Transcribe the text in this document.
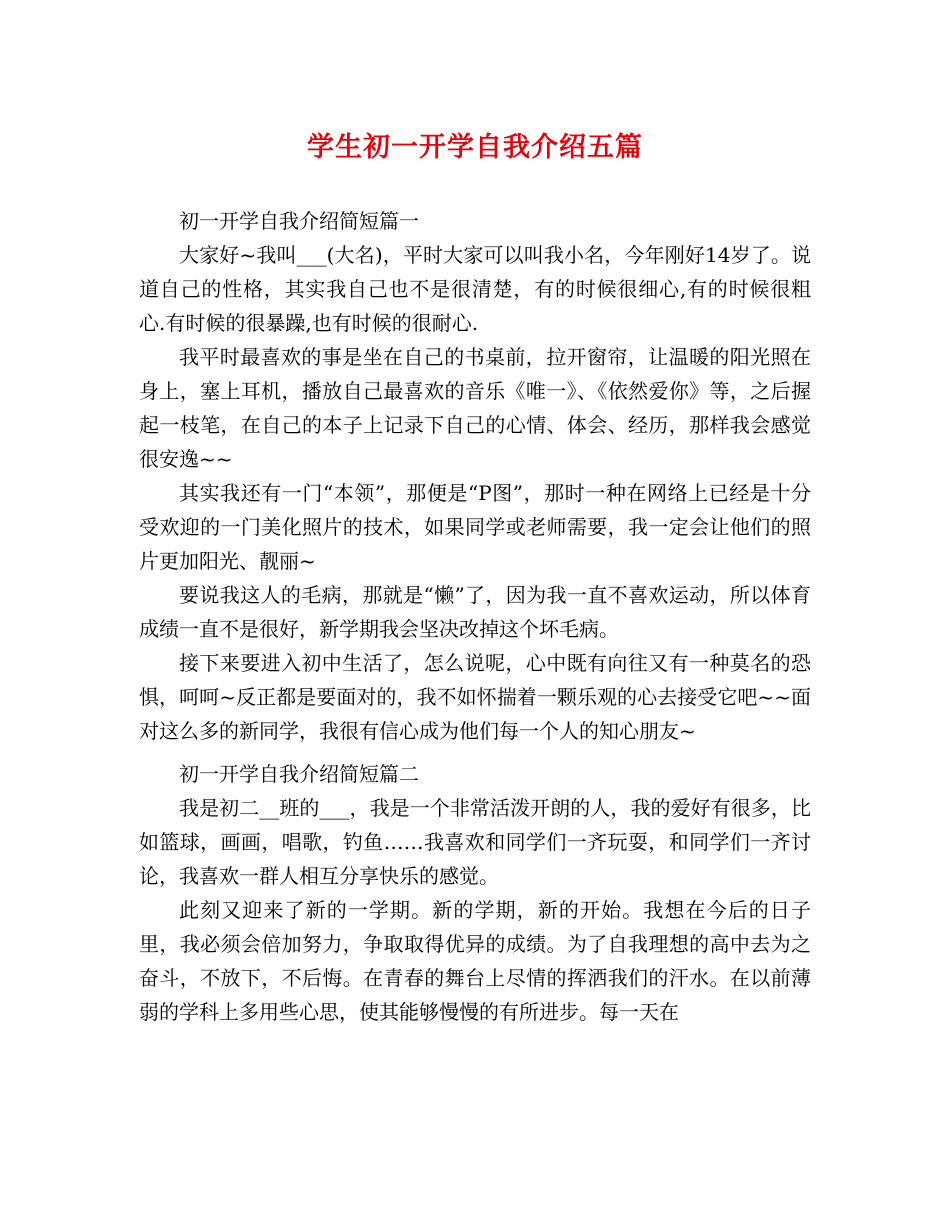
学生初一开学自我介绍五篇

初一开学自我介绍简短篇一

大家好~我叫___(大名)，平时大家可以叫我小名，今年刚好14岁了。说道自己的性格，其实我自己也不是很清楚，有的时候很细心,有的时候很粗心.有时候的很暴躁,也有时候的很耐心.

我平时最喜欢的事是坐在自己的书桌前，拉开窗帘，让温暖的阳光照在身上，塞上耳机，播放自己最喜欢的音乐《唯一》、《依然爱你》等，之后握起一枝笔，在自己的本子上记录下自己的心情、体会、经历，那样我会感觉很安逸~~

其实我还有一门“本领”，那便是“P图”，那时一种在网络上已经是十分受欢迎的一门美化照片的技术，如果同学或老师需要，我一定会让他们的照片更加阳光、靓丽~

要说我这人的毛病，那就是“懒”了，因为我一直不喜欢运动，所以体育成绩一直不是很好，新学期我会坚决改掉这个坏毛病。

接下来要进入初中生活了，怎么说呢，心中既有向往又有一种莫名的恐惧，呵呵~反正都是要面对的，我不如怀揣着一颗乐观的心去接受它吧~~面对这么多的新同学，我很有信心成为他们每一个人的知心朋友~

初一开学自我介绍简短篇二

我是初二__班的___，我是一个非常活泼开朗的人，我的爱好有很多，比如篮球，画画，唱歌，钓鱼……我喜欢和同学们一齐玩耍，和同学们一齐讨论，我喜欢一群人相互分享快乐的感觉。

此刻又迎来了新的一学期。新的学期，新的开始。我想在今后的日子里，我必须会倍加努力，争取取得优异的成绩。为了自我理想的高中去为之奋斗，不放下，不后悔。在青春的舞台上尽情的挥洒我们的汗水。在以前薄弱的学科上多用些心思，使其能够慢慢的有所进步。每一天在
